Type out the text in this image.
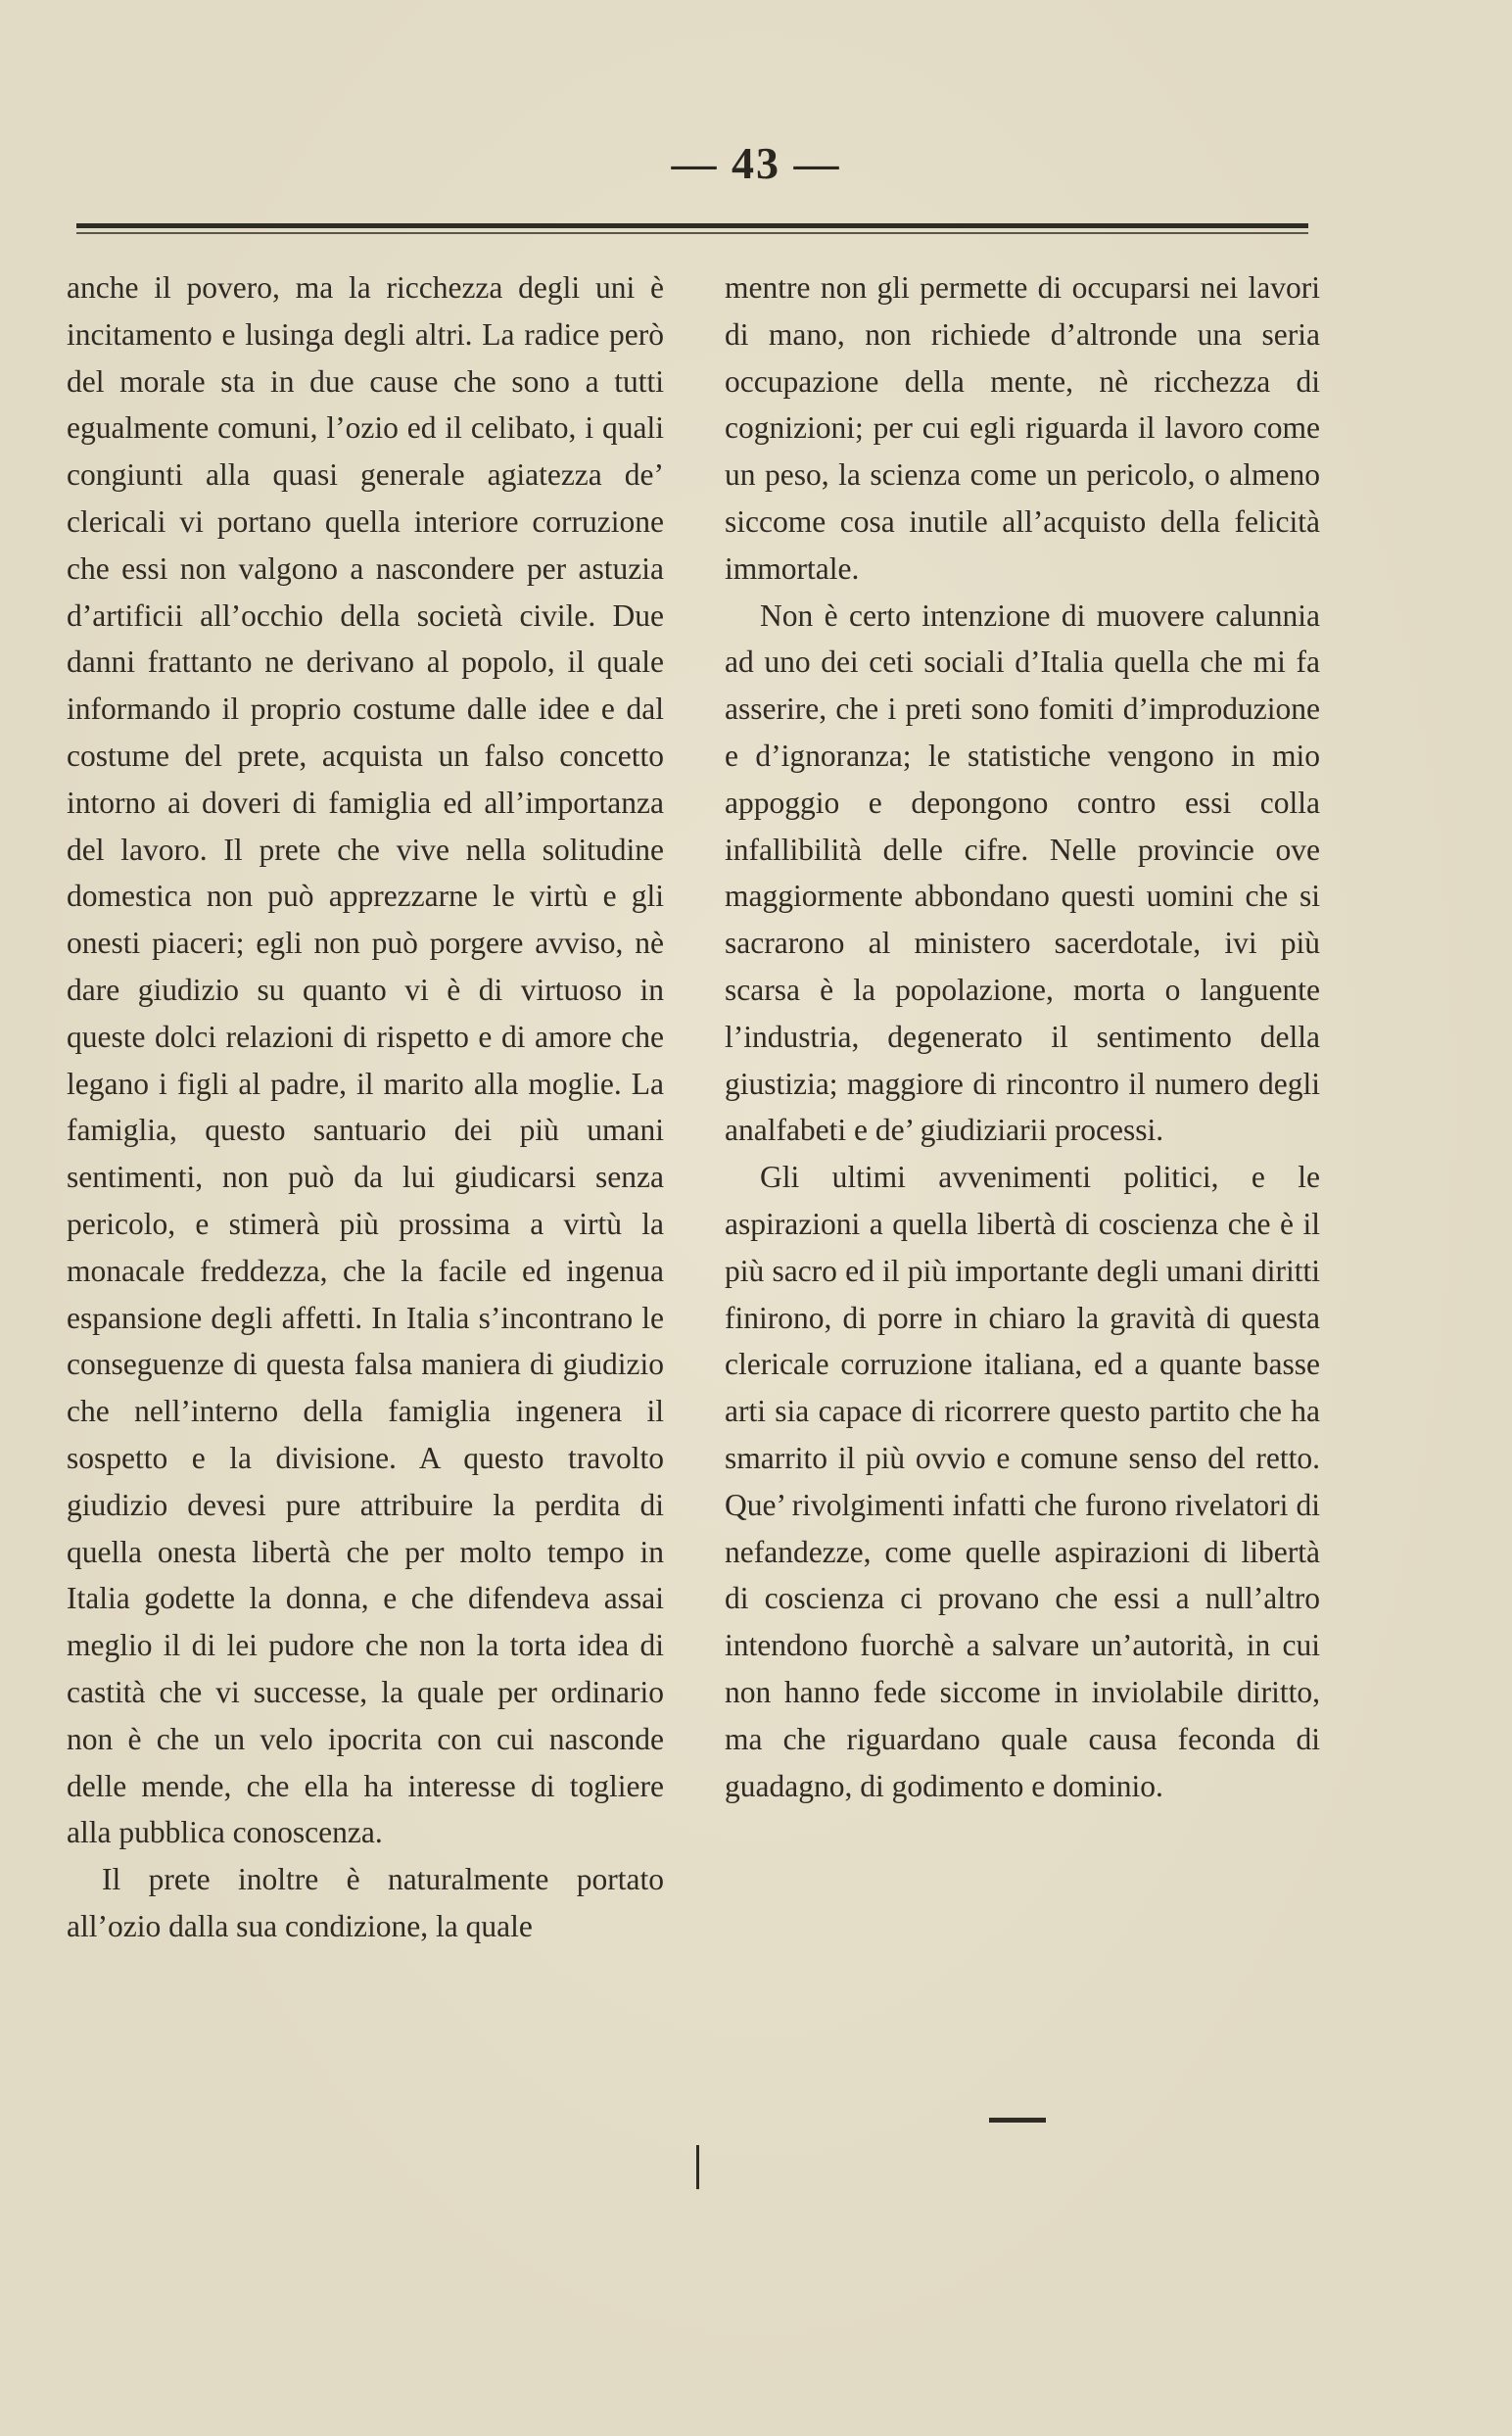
— 43 —

anche il povero, ma la ricchezza degli uni è incitamento e lusinga degli altri. La radice però del morale sta in due cause che sono a tutti egualmente comuni, l’ozio ed il celibato, i quali congiunti alla quasi generale agiatezza de’ clericali vi portano quella interiore corruzione che essi non valgono a nascondere per astuzia d’artificii all’occhio della società civile. Due danni frattanto ne derivano al popolo, il quale informando il proprio costume dalle idee e dal costume del prete, acquista un falso concetto intorno ai doveri di famiglia ed all’importanza del lavoro. Il prete che vive nella solitudine domestica non può apprezzarne le virtù e gli onesti piaceri; egli non può porgere avviso, nè dare giudizio su quanto vi è di virtuoso in queste dolci relazioni di rispetto e di amore che legano i figli al padre, il marito alla moglie. La famiglia, questo santuario dei più umani sentimenti, non può da lui giudicarsi senza pericolo, e stimerà più prossima a virtù la monacale freddezza, che la facile ed ingenua espansione degli affetti. In Italia s’incontrano le conseguenze di questa falsa maniera di giudizio che nell’interno della famiglia ingenera il sospetto e la divisione. A questo travolto giudizio devesi pure attribuire la perdita di quella onesta libertà che per molto tempo in Italia godette la donna, e che difendeva assai meglio il di lei pudore che non la torta idea di castità che vi successe, la quale per ordinario non è che un velo ipocrita con cui nasconde delle mende, che ella ha interesse di togliere alla pubblica conoscenza.

Il prete inoltre è naturalmente portato all’ozio dalla sua condizione, la quale

mentre non gli permette di occuparsi nei lavori di mano, non richiede d’altronde una seria occupazione della mente, nè ricchezza di cognizioni; per cui egli riguarda il lavoro come un peso, la scienza come un pericolo, o almeno siccome cosa inutile all’acquisto della felicità immortale.

Non è certo intenzione di muovere calunnia ad uno dei ceti sociali d’Italia quella che mi fa asserire, che i preti sono fomiti d’improduzione e d’ignoranza; le statistiche vengono in mio appoggio e depongono contro essi colla infallibilità delle cifre. Nelle provincie ove maggiormente abbondano questi uomini che si sacrarono al ministero sacerdotale, ivi più scarsa è la popolazione, morta o languente l’industria, degenerato il sentimento della giustizia; maggiore di rincontro il numero degli analfabeti e de’ giudiziarii processi.

Gli ultimi avvenimenti politici, e le aspirazioni a quella libertà di coscienza che è il più sacro ed il più importante degli umani diritti finirono, di porre in chiaro la gravità di questa clericale corruzione italiana, ed a quante basse arti sia capace di ricorrere questo partito che ha smarrito il più ovvio e comune senso del retto. Que’ rivolgimenti infatti che furono rivelatori di nefandezze, come quelle aspirazioni di libertà di coscienza ci provano che essi a null’altro intendono fuorchè a salvare un’autorità, in cui non hanno fede siccome in inviolabile diritto, ma che riguardano quale causa feconda di guadagno, di godimento e dominio.
